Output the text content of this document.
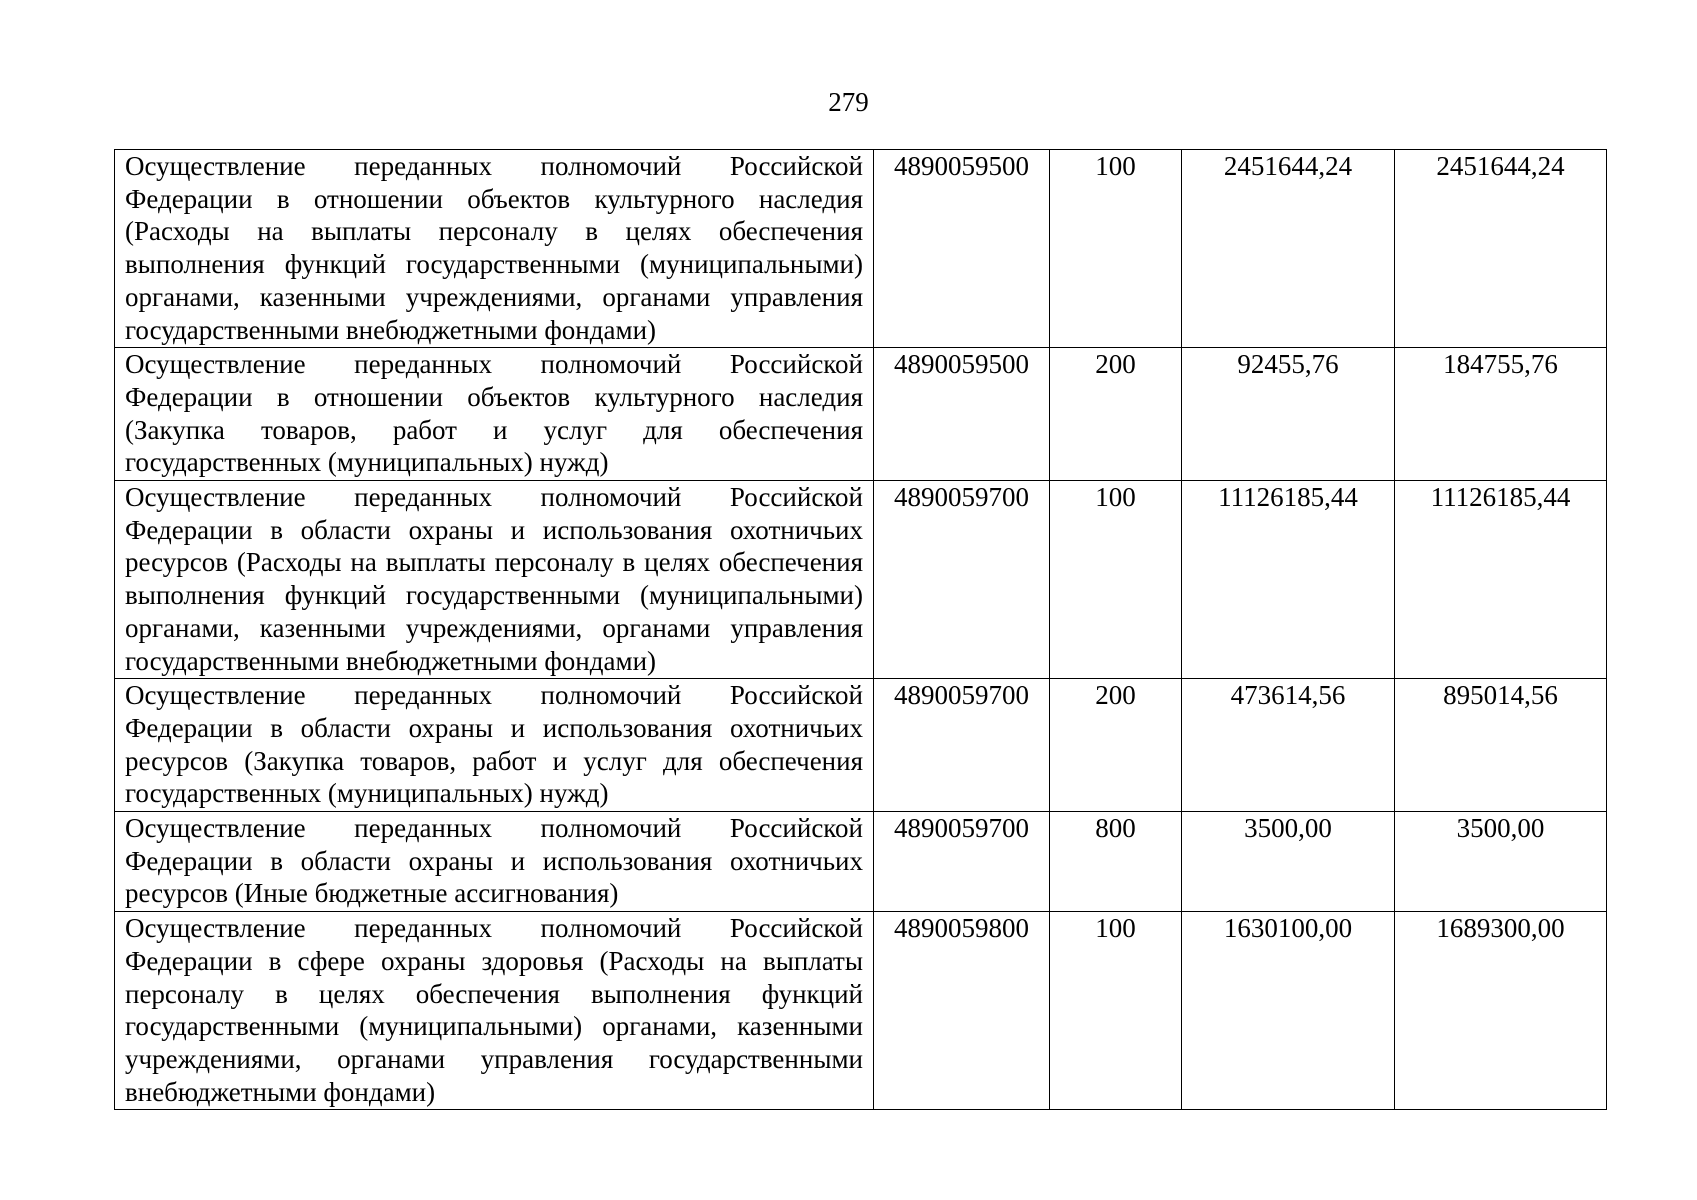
279
Осуществление переданных полномочий Российской Федерации в отношении объектов культурного наследия (Расходы на выплаты персоналу в целях обеспечения выполнения функций государственными (муниципальными) органами, казенными учреждениями, органами управления государственными внебюджетными фондами)	4890059500	100	2451644,24	2451644,24
Осуществление переданных полномочий Российской Федерации в отношении объектов культурного наследия (Закупка товаров, работ и услуг для обеспечения государственных (муниципальных) нужд)	4890059500	200	92455,76	184755,76
Осуществление переданных полномочий Российской Федерации в области охраны и использования охотничьих ресурсов (Расходы на выплаты персоналу в целях обеспечения выполнения функций государственными (муниципальными) органами, казенными учреждениями, органами управления государственными внебюджетными фондами)	4890059700	100	11126185,44	11126185,44
Осуществление переданных полномочий Российской Федерации в области охраны и использования охотничьих ресурсов (Закупка товаров, работ и услуг для обеспечения государственных (муниципальных) нужд)	4890059700	200	473614,56	895014,56
Осуществление переданных полномочий Российской Федерации в области охраны и использования охотничьих ресурсов (Иные бюджетные ассигнования)	4890059700	800	3500,00	3500,00
Осуществление переданных полномочий Российской Федерации в сфере охраны здоровья (Расходы на выплаты персоналу в целях обеспечения выполнения функций государственными (муниципальными) органами, казенными учреждениями, органами управления государственными внебюджетными фондами)	4890059800	100	1630100,00	1689300,00
